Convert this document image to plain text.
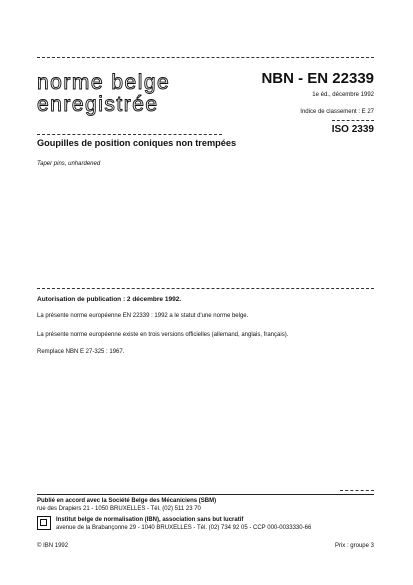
norme belge
enregistrée
NBN - EN 22339
1e éd., décembre 1992
Indice de classement : E 27
ISO 2339
Goupilles de position coniques non trempées
Taper pins, unhardened
Autorisation de publication : 2 décembre 1992.
La présente norme européenne EN 22339 : 1992 a le statut d'une norme belge.
La présente norme européenne existe en trois versions officielles (allemand, anglais, français).
Remplace NBN E 27-325 : 1967.
Publié en accord avec la Société Belge des Mécaniciens (SBM)
rue des Drapiers 21 - 1050 BRUXELLES - Tél. (02) 511 23 70
Institut belge de normalisation (IBN), association sans but lucratif
avenue de la Brabançonne 29 - 1040 BRUXELLES - Tél. (02) 734 92 05 - CCP 000-0033330-66
© IBN 1992	Prix : groupe 3
